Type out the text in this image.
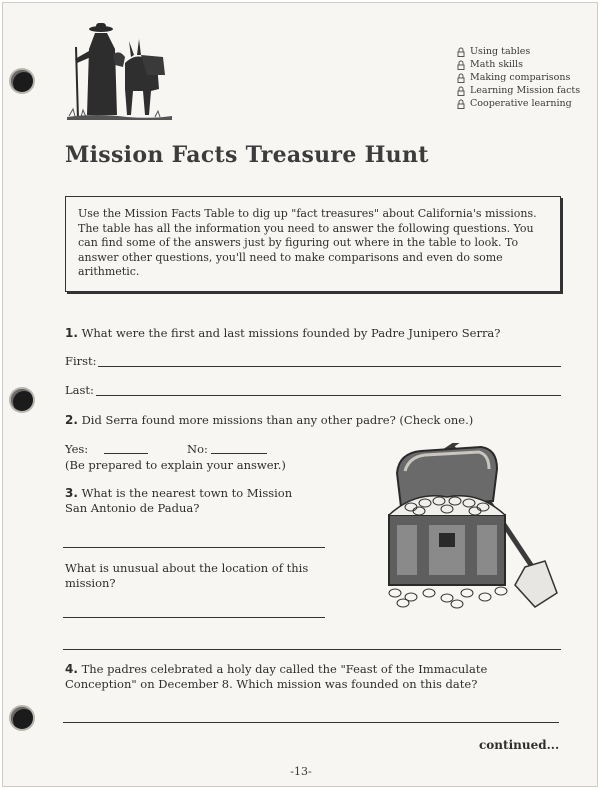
Using tables
Math skills
Making comparisons
Learning Mission facts
Cooperative learning
Mission Facts Treasure Hunt
Use the Mission Facts Table to dig up "fact treasures" about California's missions. The table has all the information you need to answer the following questions. You can find some of the answers just by figuring out where in the table to look. To answer other questions, you'll need to make comparisons and even do some arithmetic.
1. What were the first and last missions founded by Padre Junipero Serra?
First:
Last:
2. Did Serra found more missions than any other padre? (Check one.)
Yes:	No:
(Be prepared to explain your answer.)
3. What is the nearest town to Mission
San Antonio de Padua?
What is unusual about the location of this
mission?
4. The padres celebrated a holy day called the "Feast of the Immaculate
Conception" on December 8. Which mission was founded on this date?
continued...
-13-
